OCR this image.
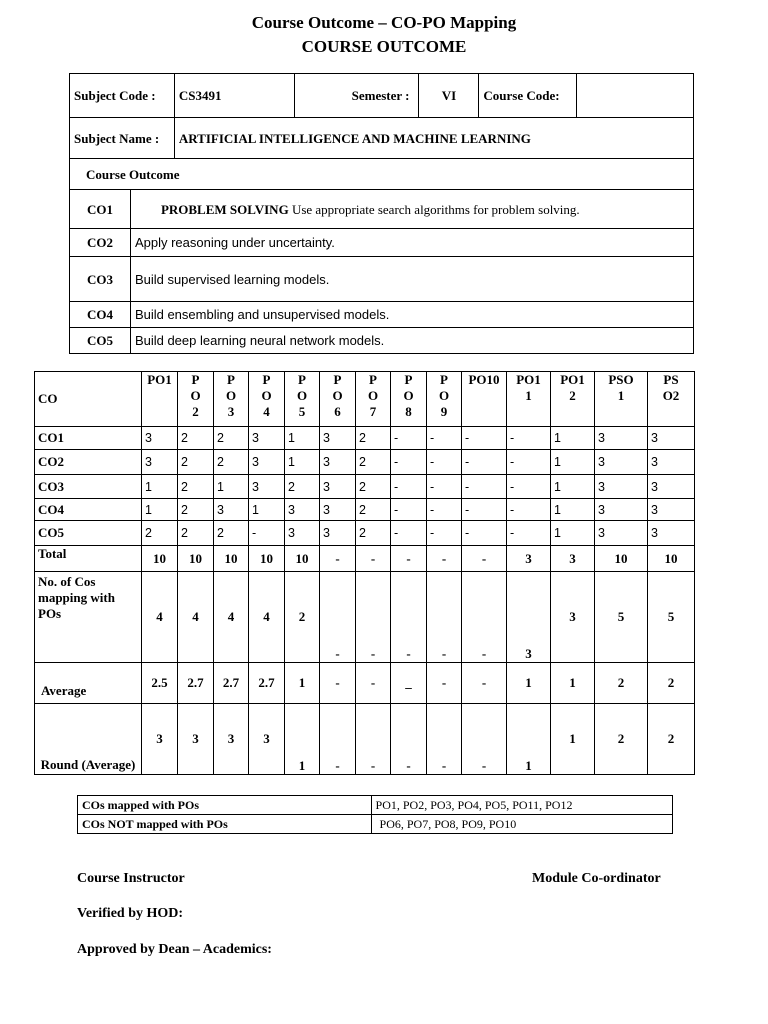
Course Outcome – CO-PO Mapping
COURSE OUTCOME
Subject Code :		CS3491	Semester :	VI	Course Code:	
Subject Name :		ARTIFICIAL INTELLIGENCE AND MACHINE LEARNING				
Course Outcome						
CO1	PROBLEM SOLVING Use appropriate search algorithms for problem solving.					
CO2	Apply reasoning under uncertainty.					
CO3	Build supervised learning models.					
CO4	Build ensembling and unsupervised models.					
CO5	Build deep learning neural network models.					
CO	PO1	P O 2	P O 3	P O 4	P O 5	P O 6	P O 7	P O 8	P O 9	PO10	PO1 1	PO1 2	PSO 1	PS O2
CO1	3	2	2	3	1	3	2	-	-	-	-	1	3	3
CO2	3	2	2	3	1	3	2	-	-	-	-	1	3	3
CO3	1	2	1	3	2	3	2	-	-	-	-	1	3	3
CO4	1	2	3	1	3	3	2	-	-	-	-	1	3	3
CO5	2	2	2	-	3	3	2	-	-	-	-	1	3	3
Total	10	10	10	10	10	-	-	-	-	-	3	3	10	10
No. of Cos mapping with POs	4	4	4	4	2	-	-	-	-	-	3	3	5	5
Average	2.5	2.7	2.7	2.7	1	-	-	_	-	-	1	1	2	2
Round (Average)	3	3	3	3	1	-	-	-	-	-	1	1	2	2
COs mapped with POs	PO1, PO2, PO3, PO4, PO5, PO11, PO12
COs NOT mapped with POs	PO6, PO7, PO8, PO9, PO10
Course Instructor	Module Co-ordinator
Verified by HOD:
Approved by Dean – Academics:
